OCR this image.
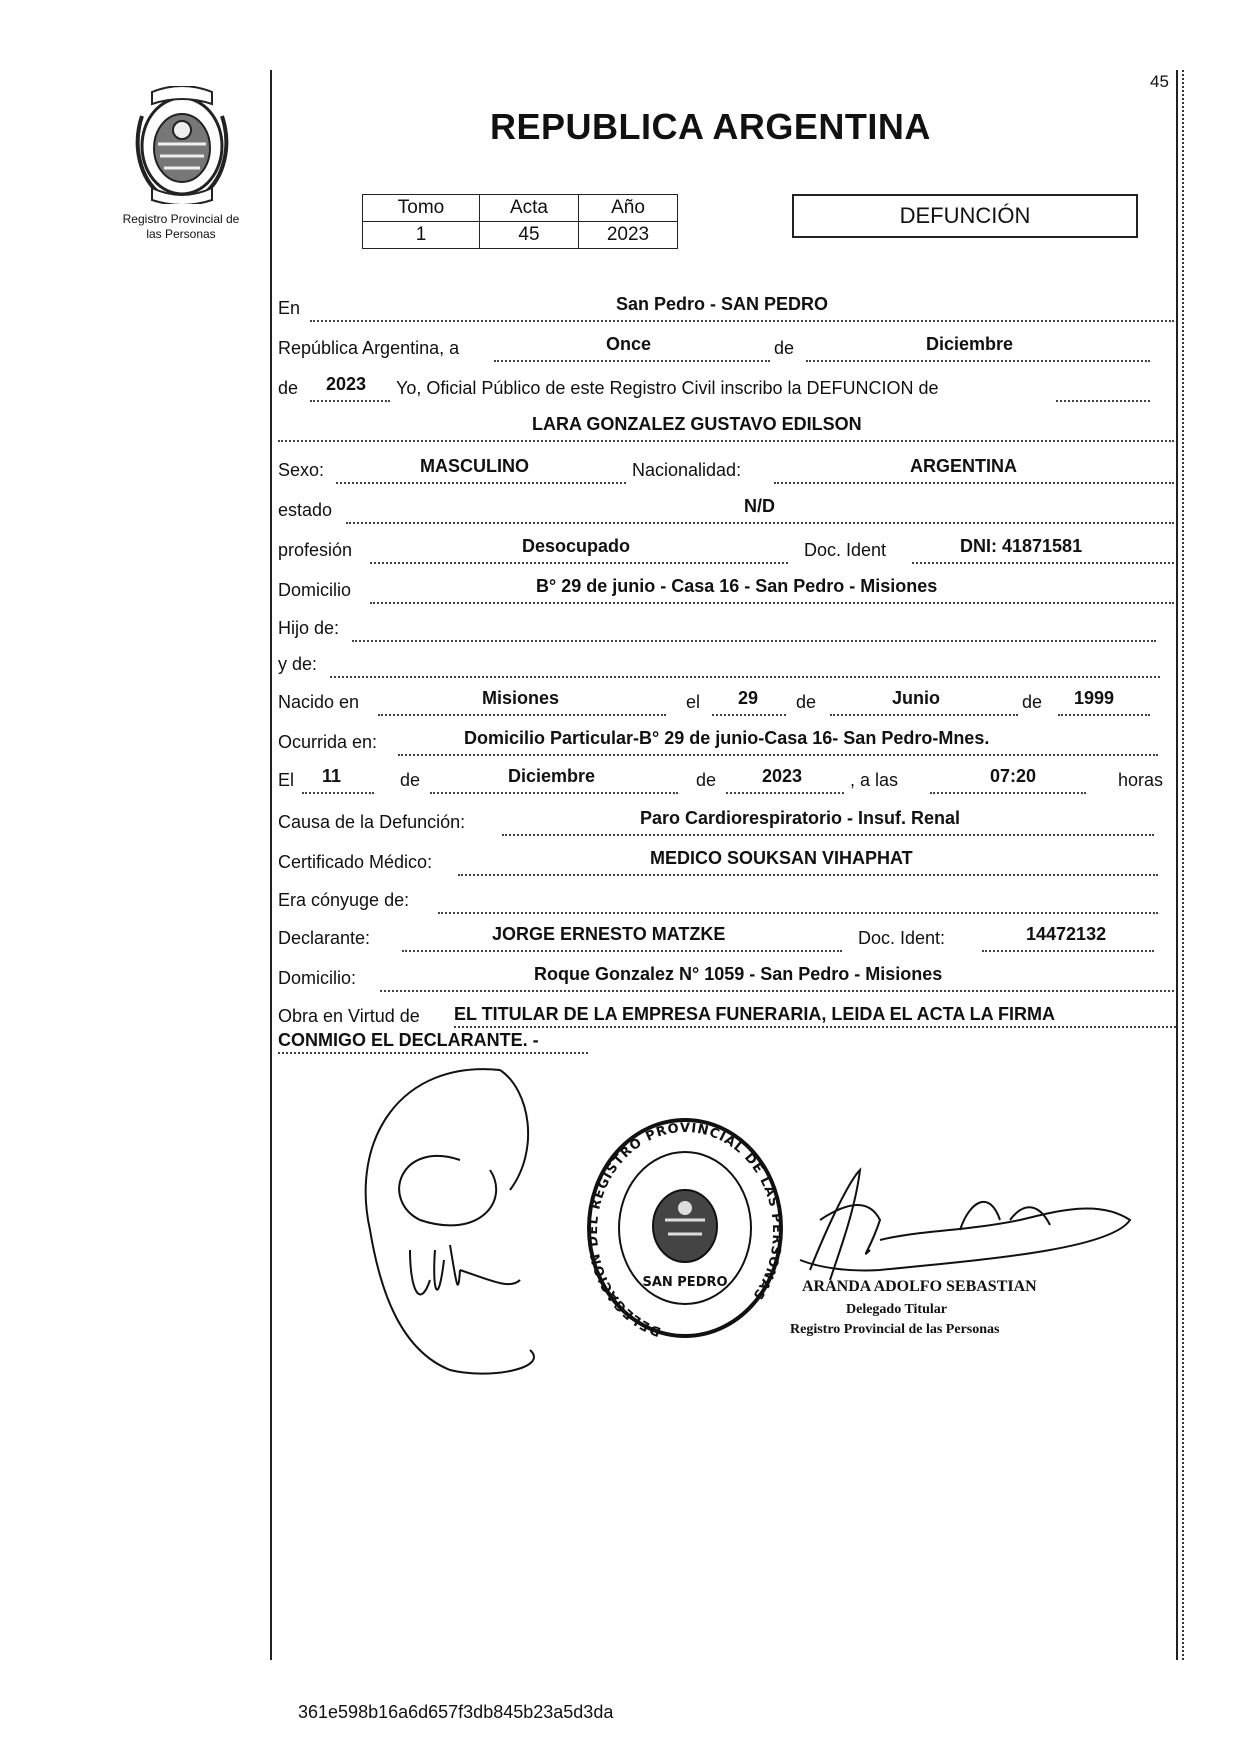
Registro Provincial de
las Personas
45
REPUBLICA ARGENTINA
Tomo	Acta	Año
1	45	2023
DEFUNCIÓN
En	San Pedro - SAN PEDRO
República Argentina, a	Once	de	Diciembre
de 2023 Yo, Oficial Público de este Registro Civil inscribo la DEFUNCION de
LARA GONZALEZ GUSTAVO EDILSON
Sexo:	MASCULINO	Nacionalidad:	ARGENTINA
estado	N/D
profesión	Desocupado	Doc. Ident	DNI: 41871581
Domicilio	B° 29 de junio - Casa 16 - San Pedro - Misiones
Hijo de:
y de:
Nacido en	Misiones	el 29 de	Junio	de 1999
Ocurrida en:	Domicilio Particular-B° 29 de junio-Casa 16- San Pedro-Mnes.
El 11	de	Diciembre	de	2023	, a las	07:20	horas
Causa de la Defunción:	Paro Cardiorespiratorio - Insuf. Renal
Certificado Médico:	MEDICO SOUKSAN VIHAPHAT
Era cónyuge de:
Declarante:	JORGE ERNESTO MATZKE	Doc. Ident:	14472132
Domicilio:	Roque Gonzalez N° 1059 - San Pedro - Misiones
Obra en Virtud de EL TITULAR DE LA EMPRESA FUNERARIA, LEIDA EL ACTA LA FIRMA
CONMIGO EL DECLARANTE. -
DELEGACION DEL REGISTRO PROVINCIAL DE LAS PERSONAS
SAN PEDRO	ARANDA ADOLFO SEBASTIAN
Delegado Titular
Registro Provincial de las Personas
361e598b16a6d657f3db845b23a5d3da
